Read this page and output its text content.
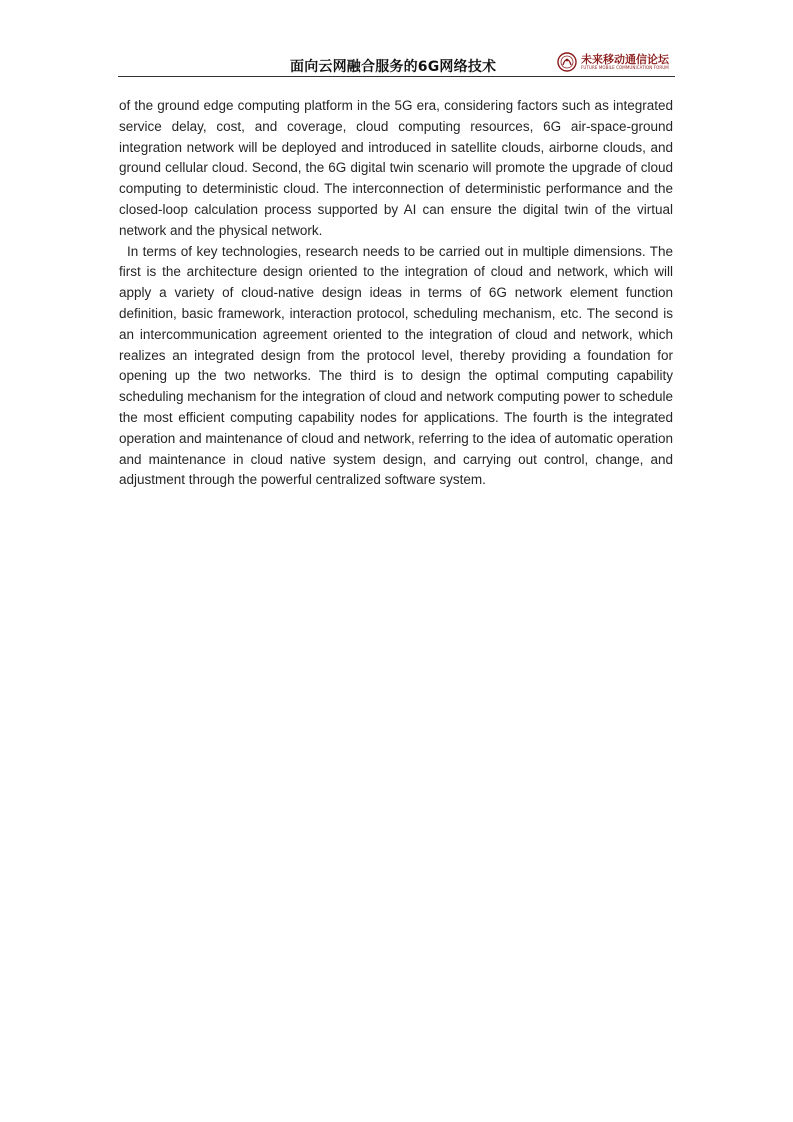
面向云网融合服务的6G网络技术	未来移动通信论坛
FUTURE MOBILE COMMUNICATION FORUM

of the ground edge computing platform in the 5G era, considering factors such as integrated service delay, cost, and coverage, cloud computing resources, 6G air-space-ground integration network will be deployed and introduced in satellite clouds, airborne clouds, and ground cellular cloud. Second, the 6G digital twin scenario will promote the upgrade of cloud computing to deterministic cloud. The interconnection of deterministic performance and the closed-loop calculation process supported by AI can ensure the digital twin of the virtual network and the physical network.

In terms of key technologies, research needs to be carried out in multiple dimensions. The first is the architecture design oriented to the integration of cloud and network, which will apply a variety of cloud-native design ideas in terms of 6G network element function definition, basic framework, interaction protocol, scheduling mechanism, etc. The second is an intercommunication agreement oriented to the integration of cloud and network, which realizes an integrated design from the protocol level, thereby providing a foundation for opening up the two networks. The third is to design the optimal computing capability scheduling mechanism for the integration of cloud and network computing power to schedule the most efficient computing capability nodes for applications. The fourth is the integrated operation and maintenance of cloud and network, referring to the idea of automatic operation and maintenance in cloud native system design, and carrying out control, change, and adjustment through the powerful centralized software system.
